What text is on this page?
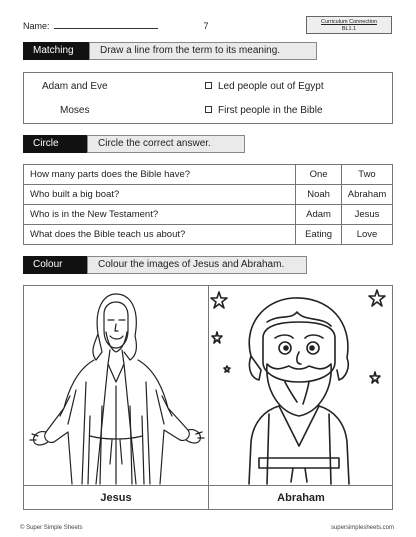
Name:	7	Curriculum Connection
BL1.1
Matching	Draw a line from the term to its meaning.
Adam and Eve
Moses
Led people out of Egypt
First people in the Bible
Circle	Circle the correct answer.
How many parts does the Bible have?	One	Two
Who built a big boat?	Noah	Abraham
Who is in the New Testament?	Adam	Jesus
What does the Bible teach us about?	Eating	Love
Colour	Colour the images of Jesus and Abraham.
Jesus	Abraham
© Super Simple Sheets	supersimplesheets.com
